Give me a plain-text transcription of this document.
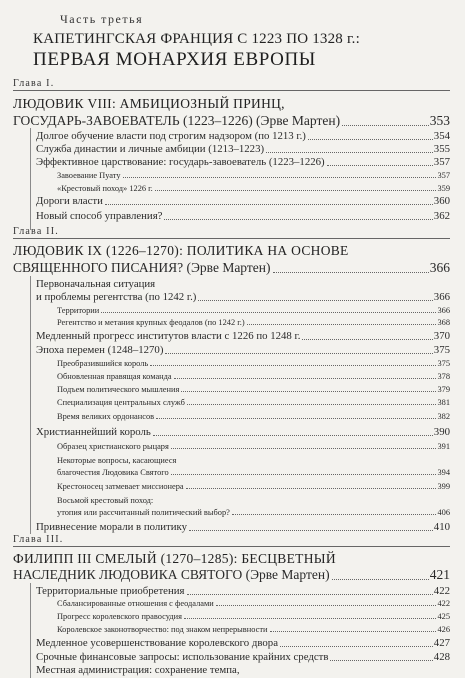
Часть третья
КАПЕТИНГСКАЯ ФРАНЦИЯ С 1223 ПО 1328 г.:
ПЕРВАЯ МОНАРХИЯ ЕВРОПЫ
Глава I.
ЛЮДОВИК VIII: АМБИЦИОЗНЫЙ ПРИНЦ,
ГОСУДАРЬ-ЗАВОЕВАТЕЛЬ (1223–1226) (Эрве Мартен)	353
Долгое обучение власти под строгим надзором (по 1213 г.)	354
Служба династии и личные амбиции (1213–1223)	355
Эффективное царствование: государь-завоеватель (1223–1226)	357
Завоевание Пуату	357
«Крестовый поход» 1226 г.	359
Дороги власти	360
Новый способ управления?	362
Глава II.
ЛЮДОВИК IX (1226–1270): ПОЛИТИКА НА ОСНОВЕ
СВЯЩЕННОГО ПИСАНИЯ? (Эрве Мартен)	366
Первоначальная ситуация
и проблемы регентства (по 1242 г.)	366
Территории	366
Регентство и метания крупных феодалов (по 1242 г.)	368
Медленный прогресс институтов власти с 1226 по 1248 г.	370
Эпоха перемен (1248–1270)	375
Преобразившийся король	375
Обновленная правящая команда	378
Подъем политического мышления	379
Специализация центральных служб	381
Время великих ордонансов	382
Христианнейший король	390
Образец христианского рыцаря	391
Некоторые вопросы, касающиеся
благочестия Людовика Святого	394
Крестоносец затмевает миссионера	399
Восьмой крестовый поход:
утопия или рассчитанный политический выбор?	406
Привнесение морали в политику	410
Глава III.
ФИЛИПП III СМЕЛЫЙ (1270–1285): БЕСЦВЕТНЫЙ
НАСЛЕДНИК ЛЮДОВИКА СВЯТОГО (Эрве Мартен)	421
Территориальные приобретения	422
Сбалансированные отношения с феодалами	422
Прогресс королевского правосудия	425
Королевское законотворчество: под знаком непрерывности	426
Медленное усовершенствование королевского двора	427
Срочные финансовые запросы: использование крайних средств	428
Местная администрация: сохранение темпа,
